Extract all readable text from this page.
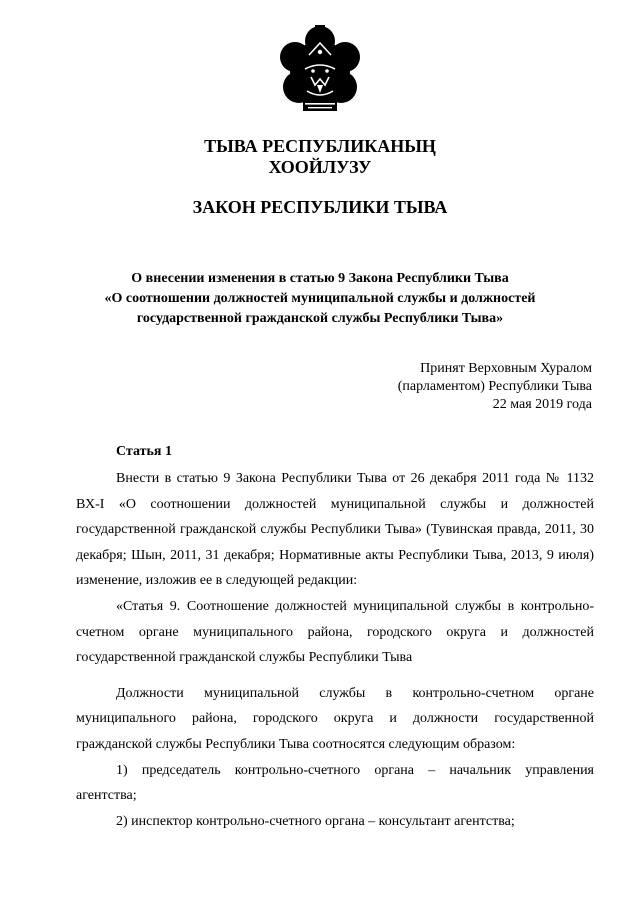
ТЫВА РЕСПУБЛИКАНЫҢ
ХООЙЛУЗУ
ЗАКОН РЕСПУБЛИКИ ТЫВА
О внесении изменения в статью 9 Закона Республики Тыва
«О соотношении должностей муниципальной службы и должностей
государственной гражданской службы Республики Тыва»
Принят Верховным Хуралом
(парламентом) Республики Тыва
22 мая 2019 года
Статья 1

Внести в статью 9 Закона Республики Тыва от 26 декабря 2011 года № 1132 ВХ-I «О соотношении должностей муниципальной службы и должностей государственной гражданской службы Республики Тыва» (Тувинская правда, 2011, 30 декабря; Шын, 2011, 31 декабря; Нормативные акты Республики Тыва, 2013, 9 июля) изменение, изложив ее в следующей редакции:

«Статья 9. Соотношение должностей муниципальной службы в контрольно-счетном органе муниципального района, городского округа и должностей государственной гражданской службы Республики Тыва

Должности муниципальной службы в контрольно-счетном органе муниципального района, городского округа и должности государственной гражданской службы Республики Тыва соотносятся следующим образом:

1) председатель контрольно-счетного органа – начальник управления агентства;

2) инспектор контрольно-счетного органа – консультант агентства;
